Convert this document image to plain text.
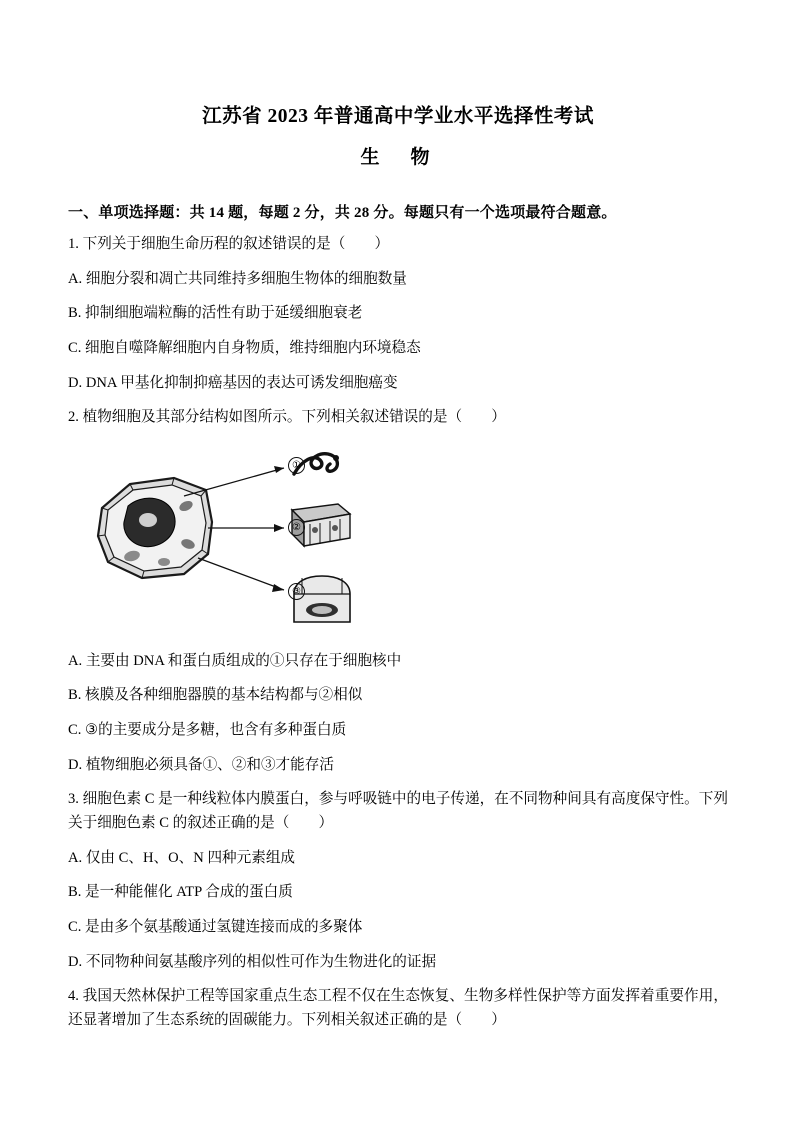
江苏省 2023 年普通高中学业水平选择性考试
生　物
一、单项选择题：共 14 题，每题 2 分，共 28 分。每题只有一个选项最符合题意。
1. 下列关于细胞生命历程的叙述错误的是（　　）
A. 细胞分裂和凋亡共同维持多细胞生物体的细胞数量
B. 抑制细胞端粒酶的活性有助于延缓细胞衰老
C. 细胞自噬降解细胞内自身物质，维持细胞内环境稳态
D. DNA 甲基化抑制抑癌基因的表达可诱发细胞癌变
2. 植物细胞及其部分结构如图所示。下列相关叙述错误的是（　　）
①
②
③
A. 主要由 DNA 和蛋白质组成的①只存在于细胞核中
B. 核膜及各种细胞器膜的基本结构都与②相似
C. ③的主要成分是多糖，也含有多种蛋白质
D. 植物细胞必须具备①、②和③才能存活
3. 细胞色素 C 是一种线粒体内膜蛋白，参与呼吸链中的电子传递，在不同物种间具有高度保守性。下列关于细胞色素 C 的叙述正确的是（　　）
A. 仅由 C、H、O、N 四种元素组成
B. 是一种能催化 ATP 合成的蛋白质
C. 是由多个氨基酸通过氢键连接而成的多聚体
D. 不同物种间氨基酸序列的相似性可作为生物进化的证据
4. 我国天然林保护工程等国家重点生态工程不仅在生态恢复、生物多样性保护等方面发挥着重要作用，还显著增加了生态系统的固碳能力。下列相关叙述正确的是（　　）
